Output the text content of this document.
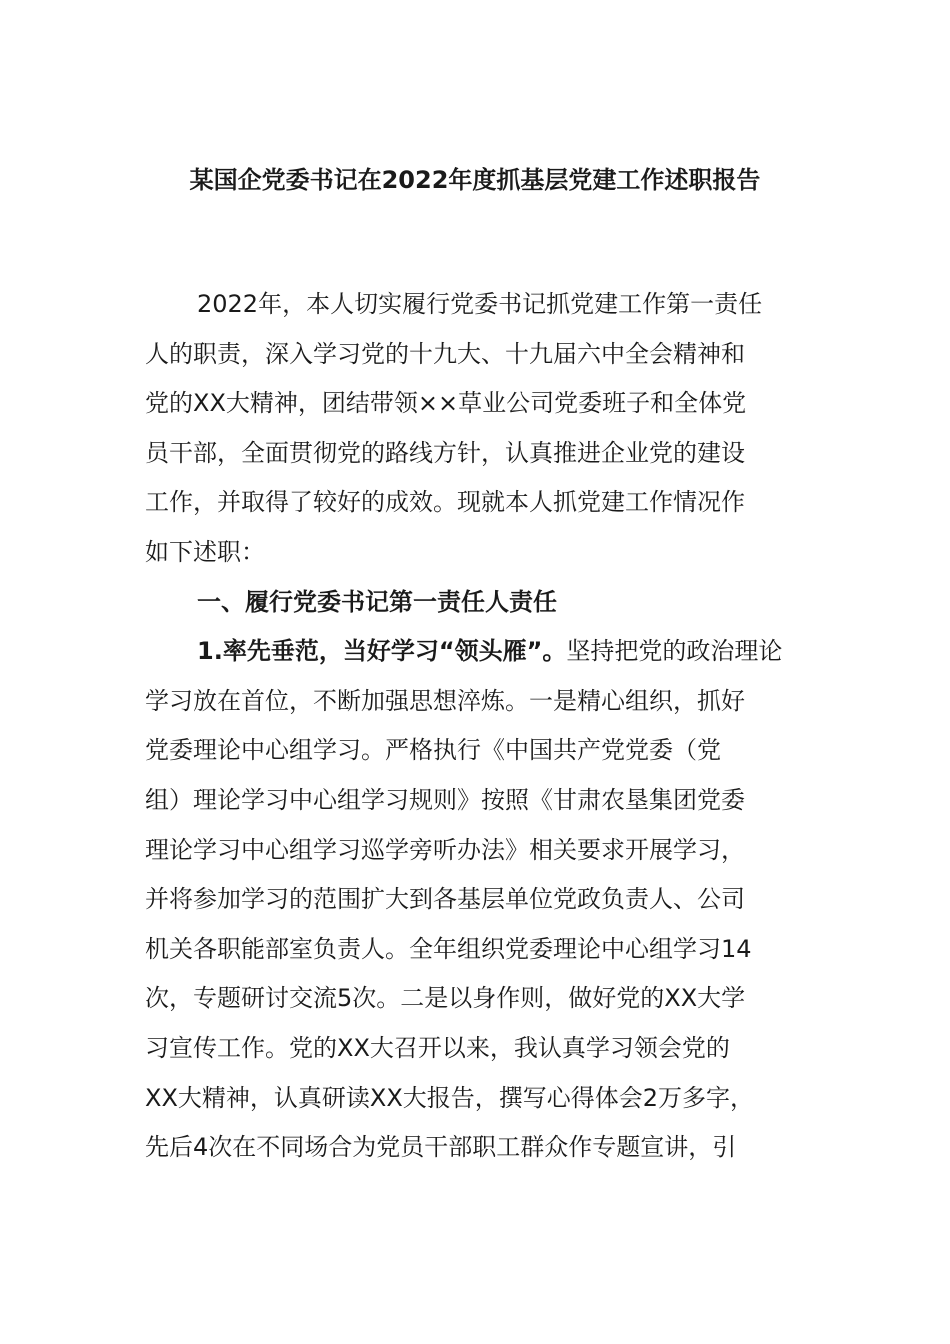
某国企党委书记在2022年度抓基层党建工作述职报告
2022年，本人切实履行党委书记抓党建工作第一责任
人的职责，深入学习党的十九大、十九届六中全会精神和
党的XX大精神，团结带领××草业公司党委班子和全体党
员干部，全面贯彻党的路线方针，认真推进企业党的建设
工作，并取得了较好的成效。现就本人抓党建工作情况作
如下述职：
一、履行党委书记第一责任人责任
1.率先垂范，当好学习“领头雁”。坚持把党的政治理论
学习放在首位，不断加强思想淬炼。一是精心组织，抓好
党委理论中心组学习。严格执行《中国共产党党委（党
组）理论学习中心组学习规则》按照《甘肃农垦集团党委
理论学习中心组学习巡学旁听办法》相关要求开展学习，
并将参加学习的范围扩大到各基层单位党政负责人、公司
机关各职能部室负责人。全年组织党委理论中心组学习14
次，专题研讨交流5次。二是以身作则，做好党的XX大学
习宣传工作。党的XX大召开以来，我认真学习领会党的
XX大精神，认真研读XX大报告，撰写心得体会2万多字，
先后4次在不同场合为党员干部职工群众作专题宣讲，引
